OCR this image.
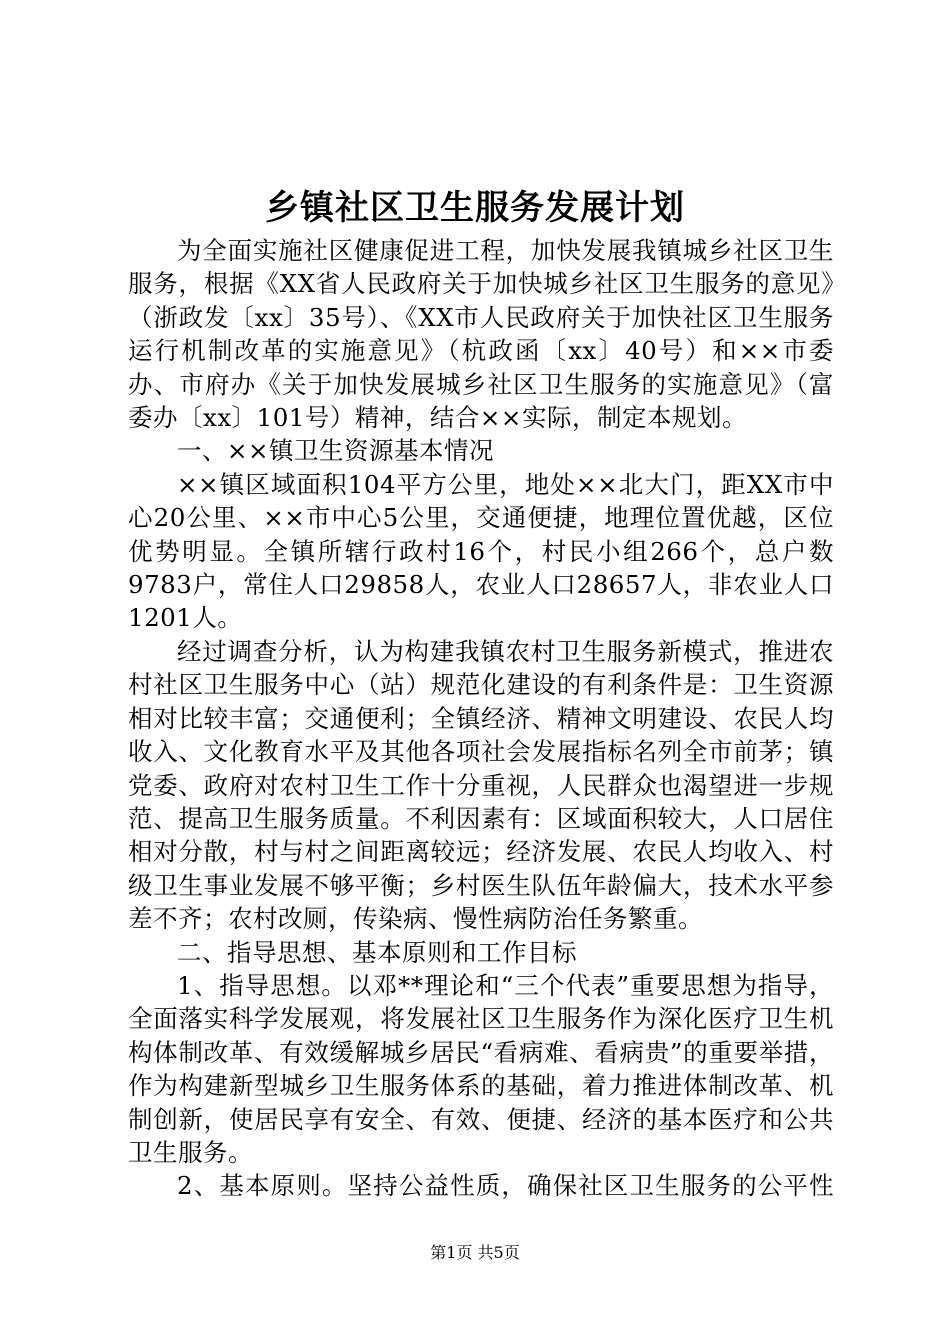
乡镇社区卫生服务发展计划

为全面实施社区健康促进工程，加快发展我镇城乡社区卫生服务，根据《XX省人民政府关于加快城乡社区卫生服务的意见》（浙政发〔xx〕35号）、《XX市人民政府关于加快社区卫生服务运行机制改革的实施意见》（杭政函〔xx〕40号）和××市委办、市府办《关于加快发展城乡社区卫生服务的实施意见》（富委办〔xx〕101号）精神，结合××实际，制定本规划。

一、××镇卫生资源基本情况

××镇区域面积104平方公里，地处××北大门，距XX市中心20公里、××市中心5公里，交通便捷，地理位置优越，区位优势明显。全镇所辖行政村16个，村民小组266个，总户数9783户，常住人口29858人，农业人口28657人，非农业人口1201人。

经过调查分析，认为构建我镇农村卫生服务新模式，推进农村社区卫生服务中心（站）规范化建设的有利条件是：卫生资源相对比较丰富；交通便利；全镇经济、精神文明建设、农民人均收入、文化教育水平及其他各项社会发展指标名列全市前茅；镇党委、政府对农村卫生工作十分重视，人民群众也渴望进一步规范、提高卫生服务质量。不利因素有：区域面积较大，人口居住相对分散，村与村之间距离较远；经济发展、农民人均收入、村级卫生事业发展不够平衡；乡村医生队伍年龄偏大，技术水平参差不齐；农村改厕，传染病、慢性病防治任务繁重。

二、指导思想、基本原则和工作目标

1、指导思想。以邓**理论和“三个代表”重要思想为指导，全面落实科学发展观，将发展社区卫生服务作为深化医疗卫生机构体制改革、有效缓解城乡居民“看病难、看病贵”的重要举措，作为构建新型城乡卫生服务体系的基础，着力推进体制改革、机制创新，使居民享有安全、有效、便捷、经济的基本医疗和公共卫生服务。

2、基本原则。坚持公益性质，确保社区卫生服务的公平性

第1页 共5页
